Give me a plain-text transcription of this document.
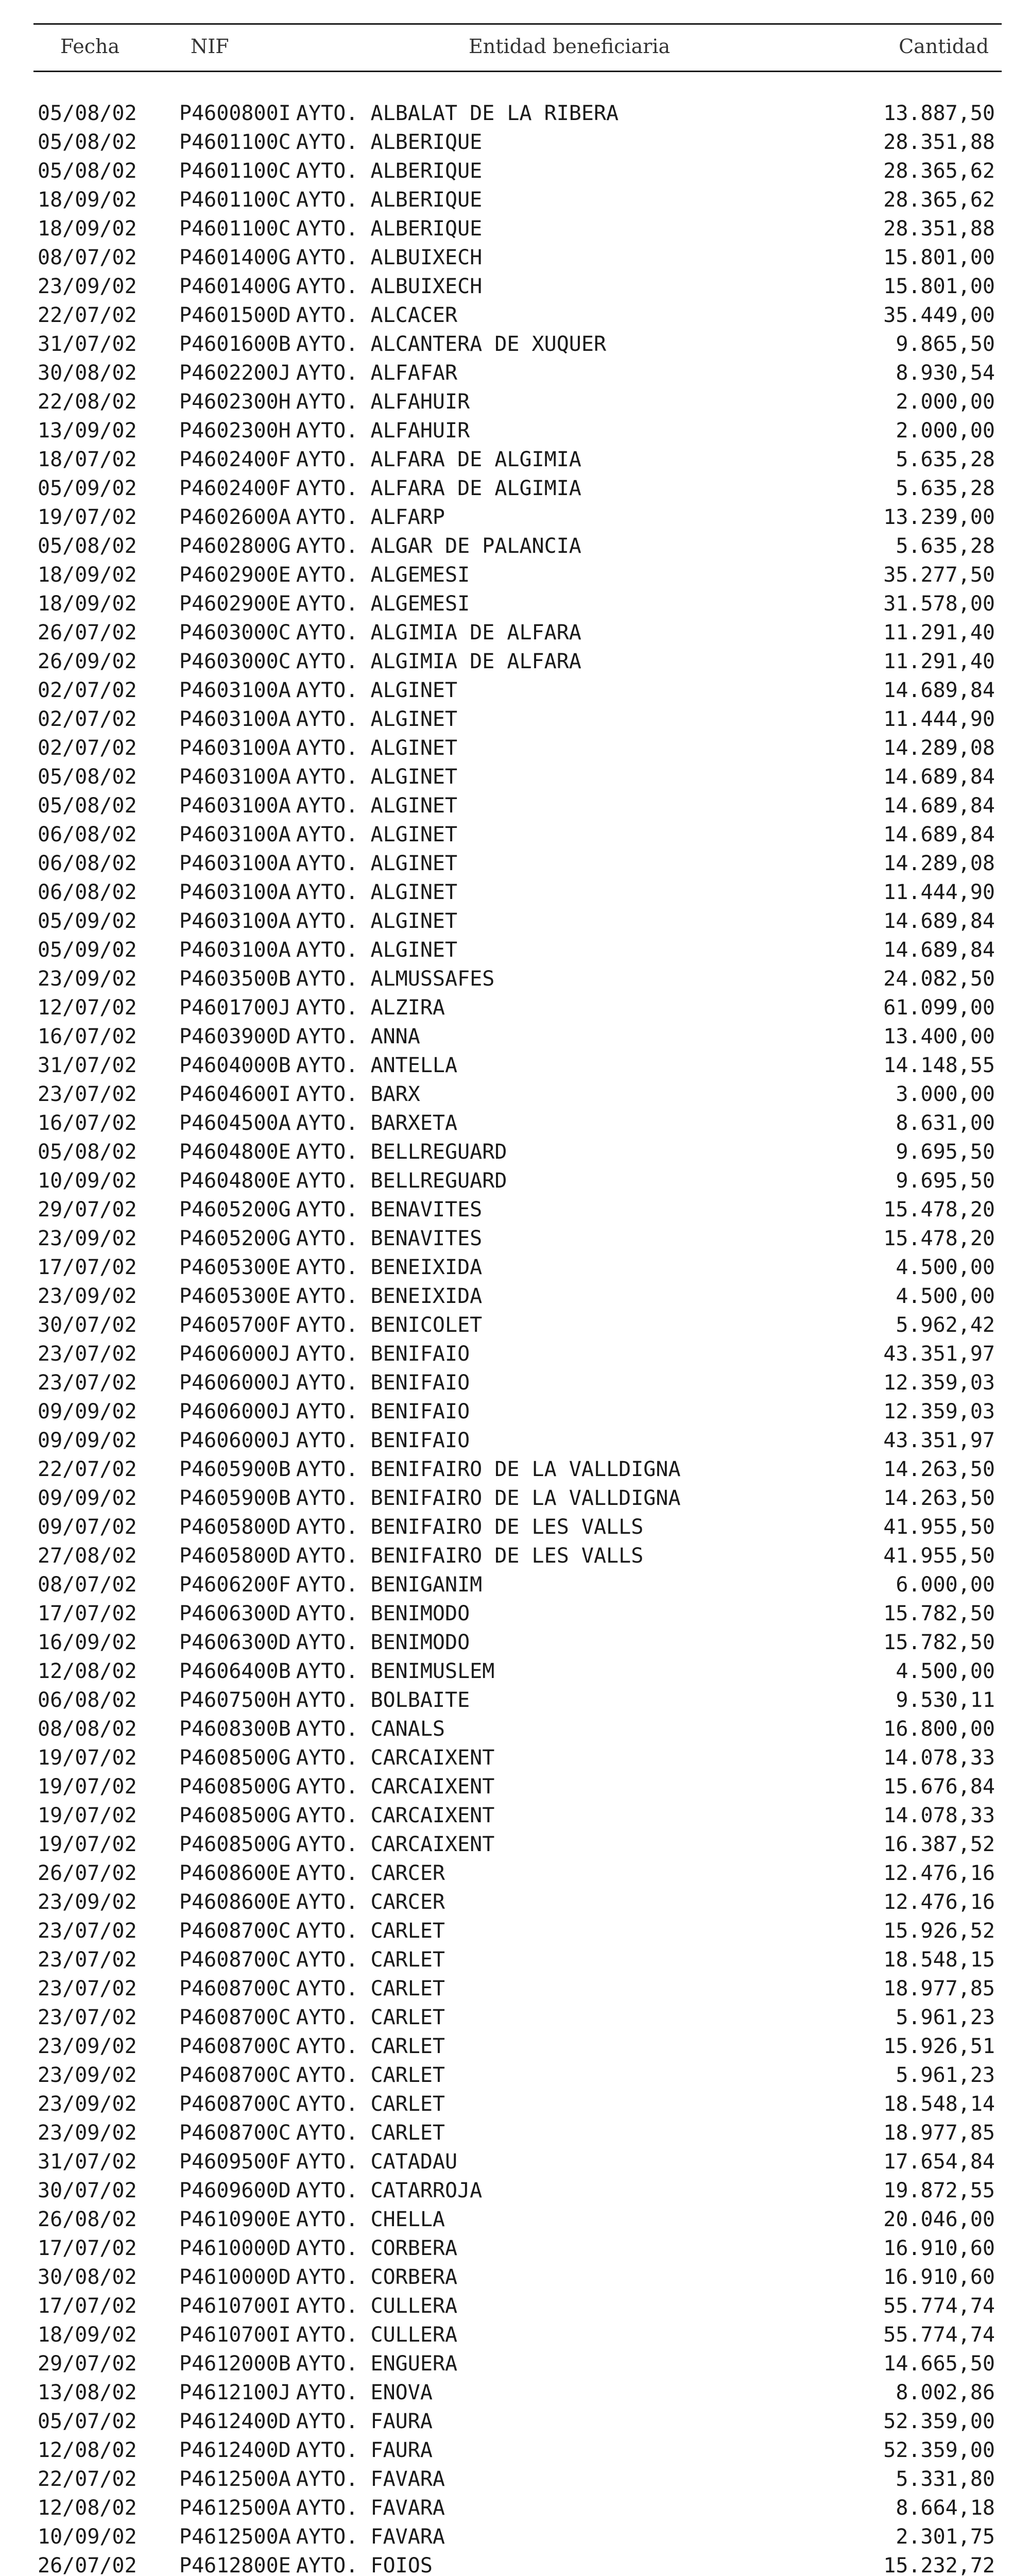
Fecha	NIF	Entidad beneficiaria	Cantidad
05/08/02 P4600800I AYTO. ALBALAT DE LA RIBERA	13.887,50
05/08/02 P4601100C AYTO. ALBERIQUE	28.351,88
05/08/02 P4601100C AYTO. ALBERIQUE	28.365,62
18/09/02 P4601100C AYTO. ALBERIQUE	28.365,62
18/09/02 P4601100C AYTO. ALBERIQUE	28.351,88
08/07/02 P4601400G AYTO. ALBUIXECH	15.801,00
23/09/02 P4601400G AYTO. ALBUIXECH	15.801,00
22/07/02 P4601500D AYTO. ALCACER	35.449,00
31/07/02 P4601600B AYTO. ALCANTERA DE XUQUER	9.865,50
30/08/02 P4602200J AYTO. ALFAFAR	8.930,54
22/08/02 P4602300H AYTO. ALFAHUIR	2.000,00
13/09/02 P4602300H AYTO. ALFAHUIR	2.000,00
18/07/02 P4602400F AYTO. ALFARA DE ALGIMIA	5.635,28
05/09/02 P4602400F AYTO. ALFARA DE ALGIMIA	5.635,28
19/07/02 P4602600A AYTO. ALFARP	13.239,00
05/08/02 P4602800G AYTO. ALGAR DE PALANCIA	5.635,28
18/09/02 P4602900E AYTO. ALGEMESI	35.277,50
18/09/02 P4602900E AYTO. ALGEMESI	31.578,00
26/07/02 P4603000C AYTO. ALGIMIA DE ALFARA	11.291,40
26/09/02 P4603000C AYTO. ALGIMIA DE ALFARA	11.291,40
02/07/02 P4603100A AYTO. ALGINET	14.689,84
02/07/02 P4603100A AYTO. ALGINET	11.444,90
02/07/02 P4603100A AYTO. ALGINET	14.289,08
05/08/02 P4603100A AYTO. ALGINET	14.689,84
05/08/02 P4603100A AYTO. ALGINET	14.689,84
06/08/02 P4603100A AYTO. ALGINET	14.689,84
06/08/02 P4603100A AYTO. ALGINET	14.289,08
06/08/02 P4603100A AYTO. ALGINET	11.444,90
05/09/02 P4603100A AYTO. ALGINET	14.689,84
05/09/02 P4603100A AYTO. ALGINET	14.689,84
23/09/02 P4603500B AYTO. ALMUSSAFES	24.082,50
12/07/02 P4601700J AYTO. ALZIRA	61.099,00
16/07/02 P4603900D AYTO. ANNA	13.400,00
31/07/02 P4604000B AYTO. ANTELLA	14.148,55
23/07/02 P4604600I AYTO. BARX	3.000,00
16/07/02 P4604500A AYTO. BARXETA	8.631,00
05/08/02 P4604800E AYTO. BELLREGUARD	9.695,50
10/09/02 P4604800E AYTO. BELLREGUARD	9.695,50
29/07/02 P4605200G AYTO. BENAVITES	15.478,20
23/09/02 P4605200G AYTO. BENAVITES	15.478,20
17/07/02 P4605300E AYTO. BENEIXIDA	4.500,00
23/09/02 P4605300E AYTO. BENEIXIDA	4.500,00
30/07/02 P4605700F AYTO. BENICOLET	5.962,42
23/07/02 P4606000J AYTO. BENIFAIO	43.351,97
23/07/02 P4606000J AYTO. BENIFAIO	12.359,03
09/09/02 P4606000J AYTO. BENIFAIO	12.359,03
09/09/02 P4606000J AYTO. BENIFAIO	43.351,97
22/07/02 P4605900B AYTO. BENIFAIRO DE LA VALLDIGNA	14.263,50
09/09/02 P4605900B AYTO. BENIFAIRO DE LA VALLDIGNA	14.263,50
09/07/02 P4605800D AYTO. BENIFAIRO DE LES VALLS	41.955,50
27/08/02 P4605800D AYTO. BENIFAIRO DE LES VALLS	41.955,50
08/07/02 P4606200F AYTO. BENIGANIM	6.000,00
17/07/02 P4606300D AYTO. BENIMODO	15.782,50
16/09/02 P4606300D AYTO. BENIMODO	15.782,50
12/08/02 P4606400B AYTO. BENIMUSLEM	4.500,00
06/08/02 P4607500H AYTO. BOLBAITE	9.530,11
08/08/02 P4608300B AYTO. CANALS	16.800,00
19/07/02 P4608500G AYTO. CARCAIXENT	14.078,33
19/07/02 P4608500G AYTO. CARCAIXENT	15.676,84
19/07/02 P4608500G AYTO. CARCAIXENT	14.078,33
19/07/02 P4608500G AYTO. CARCAIXENT	16.387,52
26/07/02 P4608600E AYTO. CARCER	12.476,16
23/09/02 P4608600E AYTO. CARCER	12.476,16
23/07/02 P4608700C AYTO. CARLET	15.926,52
23/07/02 P4608700C AYTO. CARLET	18.548,15
23/07/02 P4608700C AYTO. CARLET	18.977,85
23/07/02 P4608700C AYTO. CARLET	5.961,23
23/09/02 P4608700C AYTO. CARLET	15.926,51
23/09/02 P4608700C AYTO. CARLET	5.961,23
23/09/02 P4608700C AYTO. CARLET	18.548,14
23/09/02 P4608700C AYTO. CARLET	18.977,85
31/07/02 P4609500F AYTO. CATADAU	17.654,84
30/07/02 P4609600D AYTO. CATARROJA	19.872,55
26/08/02 P4610900E AYTO. CHELLA	20.046,00
17/07/02 P4610000D AYTO. CORBERA	16.910,60
30/08/02 P4610000D AYTO. CORBERA	16.910,60
17/07/02 P4610700I AYTO. CULLERA	55.774,74
18/09/02 P4610700I AYTO. CULLERA	55.774,74
29/07/02 P4612000B AYTO. ENGUERA	14.665,50
13/08/02 P4612100J AYTO. ENOVA	8.002,86
05/07/02 P4612400D AYTO. FAURA	52.359,00
12/08/02 P4612400D AYTO. FAURA	52.359,00
22/07/02 P4612500A AYTO. FAVARA	5.331,80
12/08/02 P4612500A AYTO. FAVARA	8.664,18
10/09/02 P4612500A AYTO. FAVARA	2.301,75
26/07/02 P4612800E AYTO. FOIOS	15.232,72
